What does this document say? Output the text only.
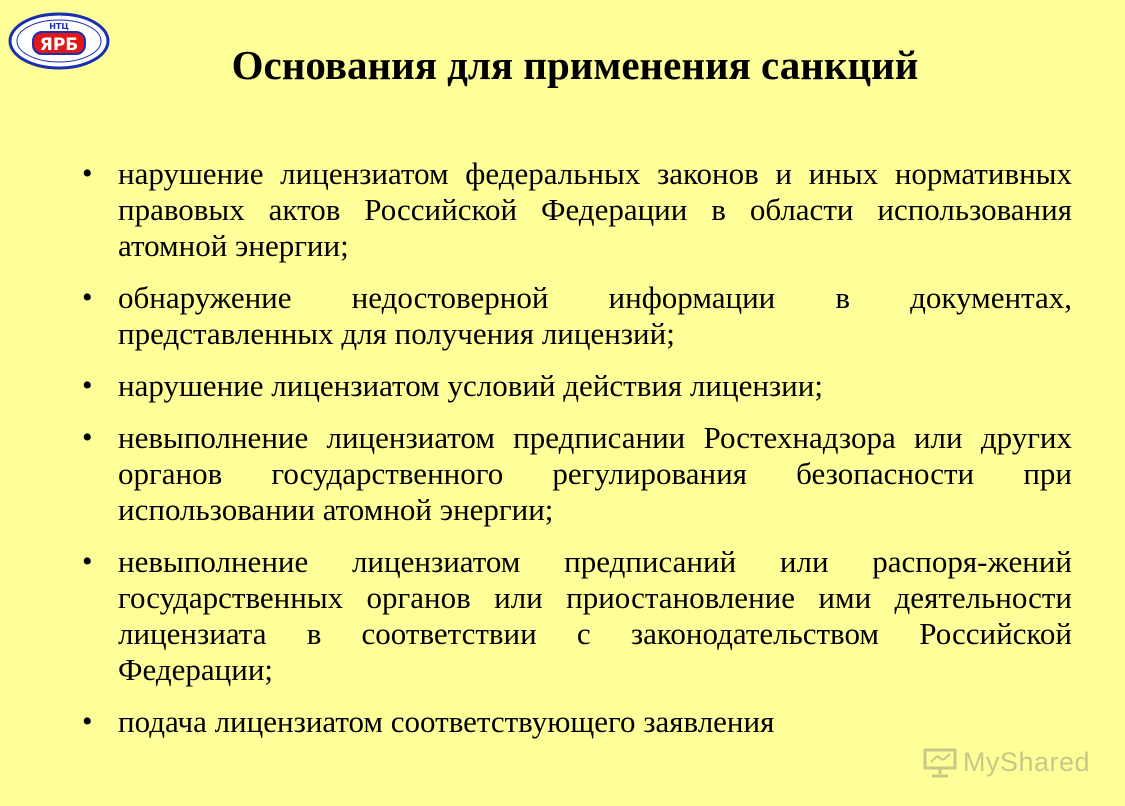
НТЦ
ЯРБ	Основания для применения санкций
• нарушение лицензиатом федеральных законов и иных нормативных правовых актов Российской Федерации в области использования атомной энергии;
• обнаружение недостоверной информации в документах, представленных для получения лицензий;
• нарушение лицензиатом условий действия лицензии;
• невыполнение лицензиатом предписании Ростехнадзора или других органов государственного регулирования безопасности при использовании атомной энергии;
• невыполнение лицензиатом предписаний или распоря-жений государственных органов или приостановление ими деятельности лицензиата в соответствии с законодательством Российской Федерации;
• подача лицензиатом соответствующего заявления
MyShared
